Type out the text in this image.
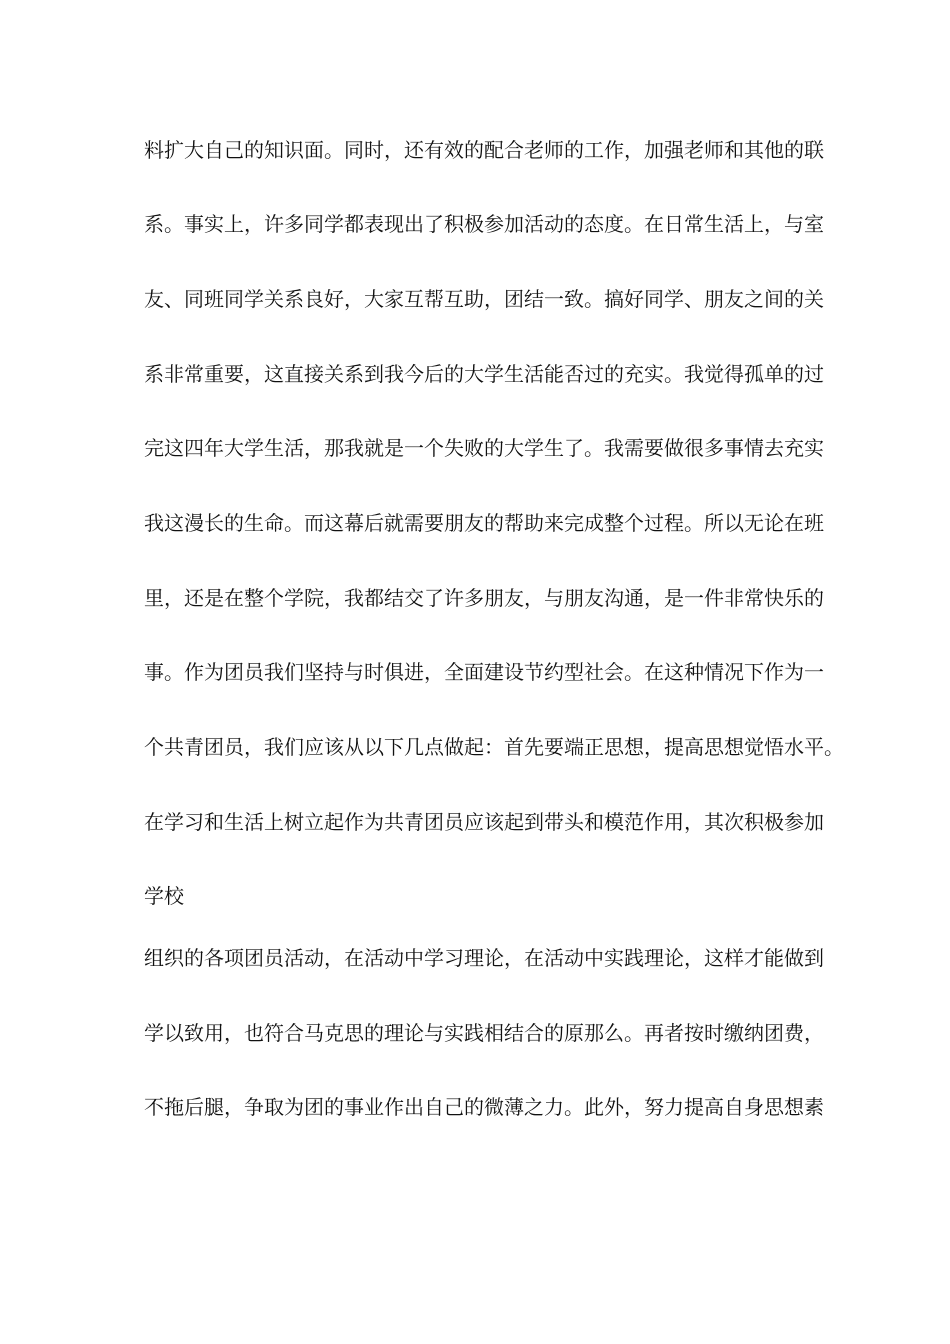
料扩大自己的知识面。同时，还有效的配合老师的工作，加强老师和其他的联
系。事实上，许多同学都表现出了积极参加活动的态度。在日常生活上，与室
友、同班同学关系良好，大家互帮互助，团结一致。搞好同学、朋友之间的关
系非常重要，这直接关系到我今后的大学生活能否过的充实。我觉得孤单的过
完这四年大学生活，那我就是一个失败的大学生了。我需要做很多事情去充实
我这漫长的生命。而这幕后就需要朋友的帮助来完成整个过程。所以无论在班
里，还是在整个学院，我都结交了许多朋友，与朋友沟通，是一件非常快乐的
事。作为团员我们坚持与时俱进，全面建设节约型社会。在这种情况下作为一
个共青团员，我们应该从以下几点做起：首先要端正思想，提高思想觉悟水平。
在学习和生活上树立起作为共青团员应该起到带头和模范作用，其次积极参加
学校
组织的各项团员活动，在活动中学习理论，在活动中实践理论，这样才能做到
学以致用，也符合马克思的理论与实践相结合的原那么。再者按时缴纳团费，
不拖后腿，争取为团的事业作出自己的微薄之力。此外，努力提高自身思想素
